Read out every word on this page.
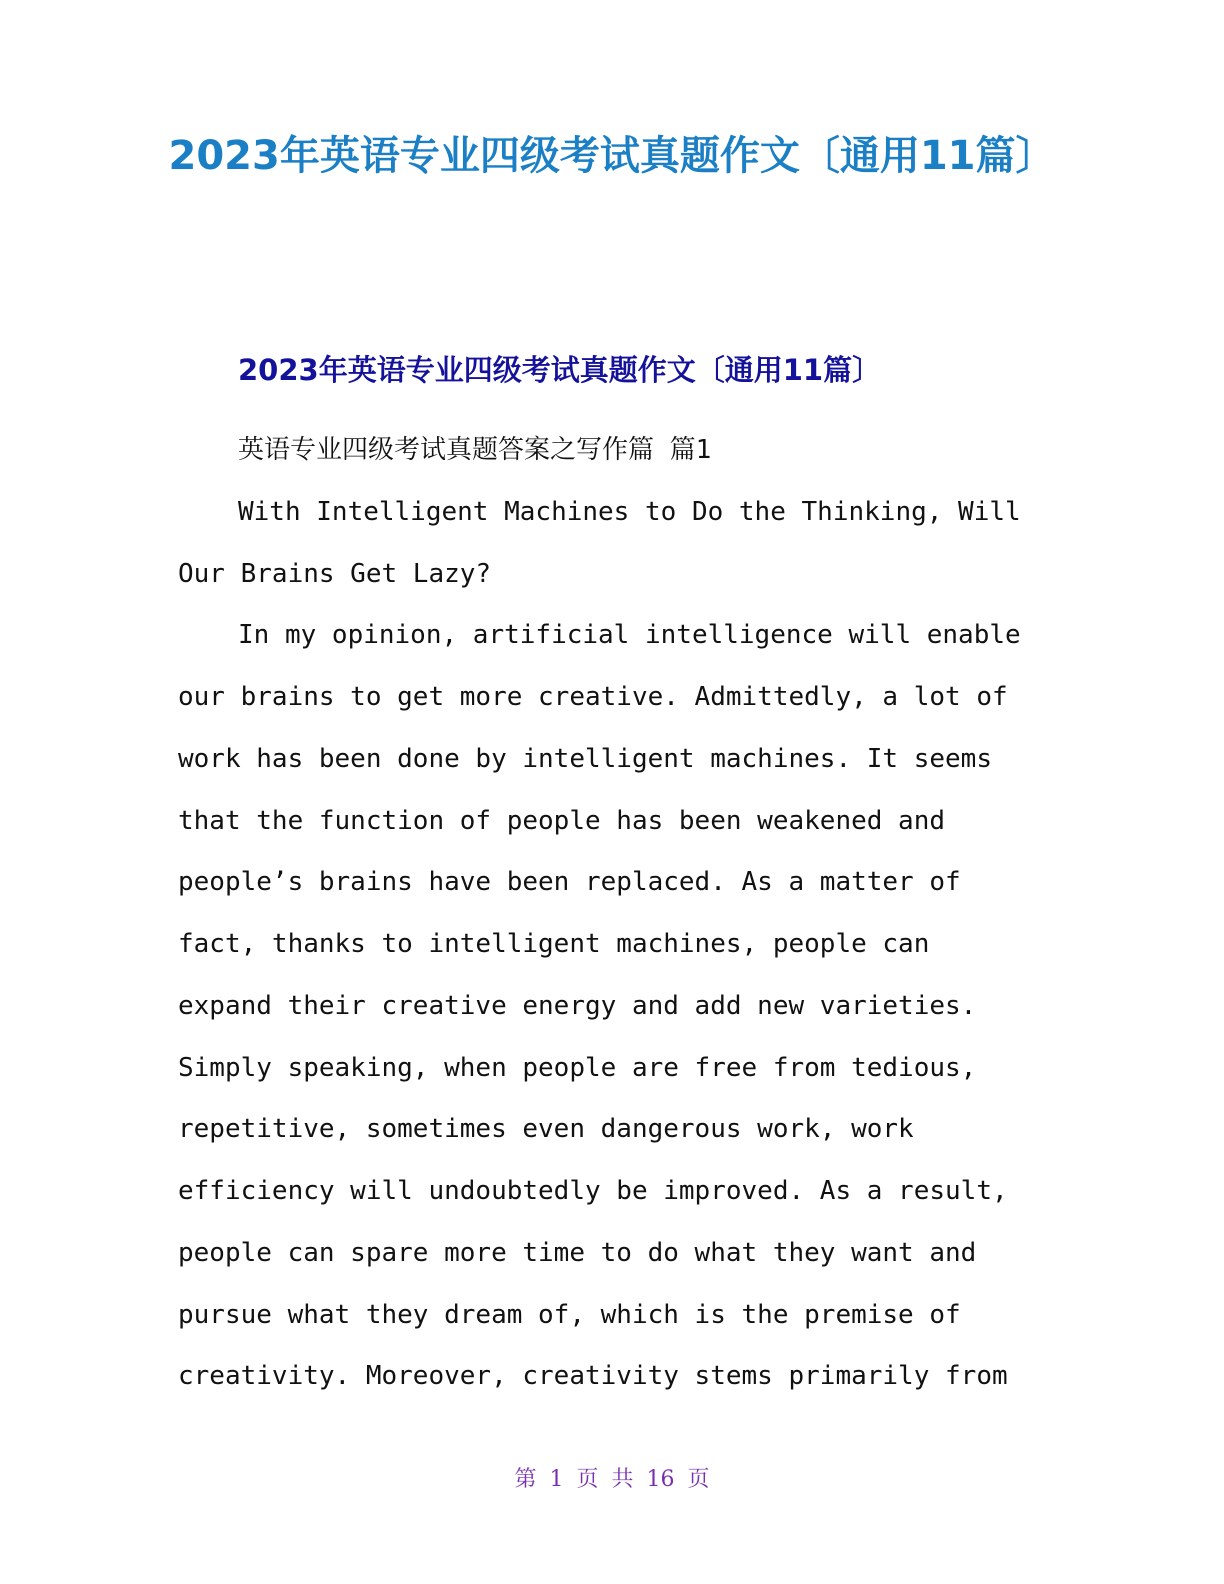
2023年英语专业四级考试真题作文〔通用11篇〕
2023年英语专业四级考试真题作文〔通用11篇〕

英语专业四级考试真题答案之写作篇 篇1

With Intelligent Machines to Do the Thinking, Will Our Brains Get Lazy?

In my opinion, artificial intelligence will enable our brains to get more creative. Admittedly, a lot of work has been done by intelligent machines. It seems that the function of people has been weakened and people’s brains have been replaced. As a matter of fact, thanks to intelligent machines, people can expand their creative energy and add new varieties. Simply speaking, when people are free from tedious, repetitive, sometimes even dangerous work, work efficiency will undoubtedly be improved. As a result, people can spare more time to do what they want and pursue what they dream of, which is the premise of creativity. Moreover, creativity stems primarily from

第 1 页 共 16 页
